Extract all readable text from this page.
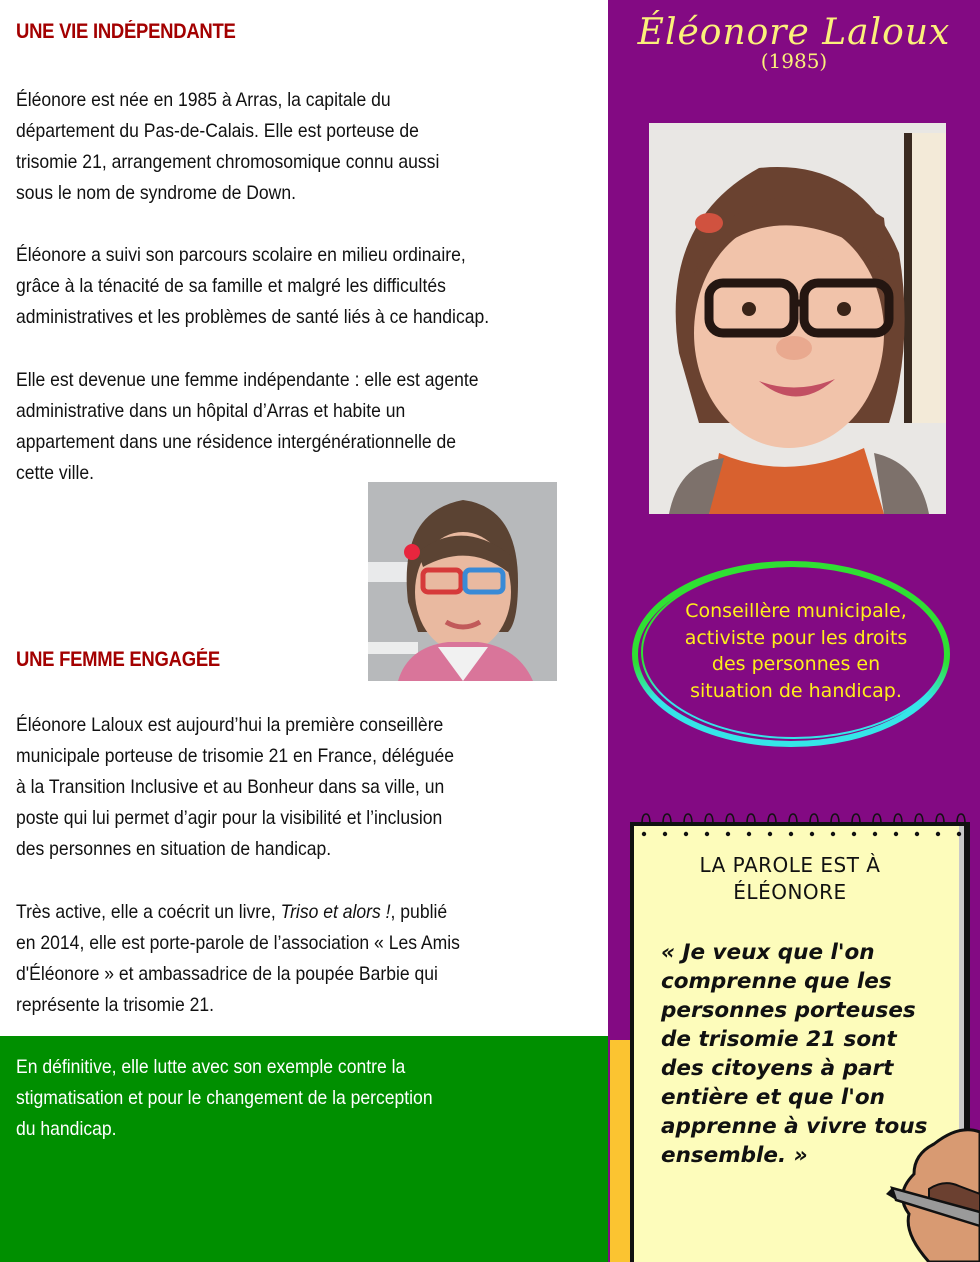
UNE VIE INDÉPENDANTE
Éléonore est née en 1985 à Arras, la capitale du
département du Pas-de-Calais. Elle est porteuse de
trisomie 21, arrangement chromosomique connu aussi
sous le nom de syndrome de Down.
Éléonore a suivi son parcours scolaire en milieu ordinaire,
grâce à la ténacité de sa famille et malgré les difficultés
administratives et les problèmes de santé liés à ce handicap.
Elle est devenue une femme indépendante : elle est agente
administrative dans un hôpital d’Arras et habite un
appartement dans une résidence intergénérationnelle de
cette ville.
UNE FEMME ENGAGÉE
Éléonore Laloux est aujourd’hui la première conseillère
municipale porteuse de trisomie 21 en France, déléguée
à la Transition Inclusive et au Bonheur dans sa ville, un
poste qui lui permet d’agir pour la visibilité et l’inclusion
des personnes en situation de handicap.
Très active, elle a coécrit un livre, Triso et alors !, publié
en 2014, elle est porte-parole de l’association « Les Amis
d'Éléonore » et ambassadrice de la poupée Barbie qui
représente la trisomie 21.
En définitive, elle lutte avec son exemple contre la
stigmatisation et pour le changement de la perception
du handicap.
Éléonore Laloux
(1985)
Conseillère municipale,
activiste pour les droits
des personnes en
situation de handicap.
LA PAROLE EST À
ÉLÉONORE
« Je veux que l'on
comprenne que les
personnes porteuses
de trisomie 21 sont
des citoyens à part
entière et que l'on
apprenne à vivre tous
ensemble. »
